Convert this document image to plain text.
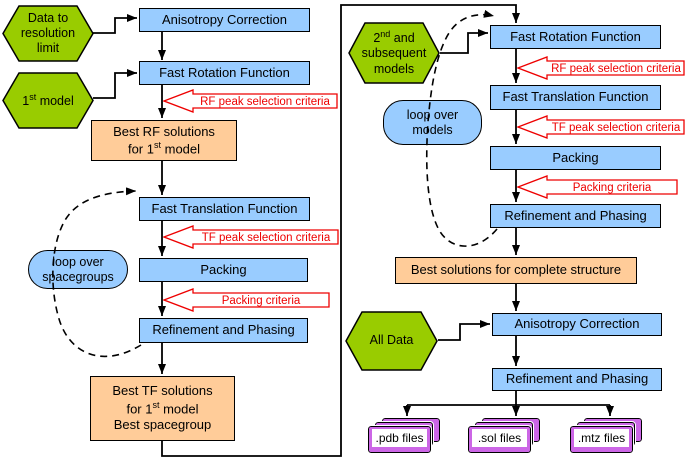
Data to
resolution
limit
1st model
Anisotropy Correction
Fast Rotation Function
RF peak selection criteria
Best RF solutions
for 1st model
Fast Translation Function
TF peak selection criteria
loop over
spacegroups	Packing
Packing criteria
Refinement and Phasing
Best TF solutions
for 1st model
Best spacegroup
2nd and
subsequent
models
Fast Rotation Function
RF peak selection criteria
Fast Translation Function
TF peak selection criteria
loop over
models
Packing
Packing criteria
Refinement and Phasing
Best solutions for complete structure
All Data
Anisotropy Correction
Refinement and Phasing
.pdb files	.sol files	.mtz files
